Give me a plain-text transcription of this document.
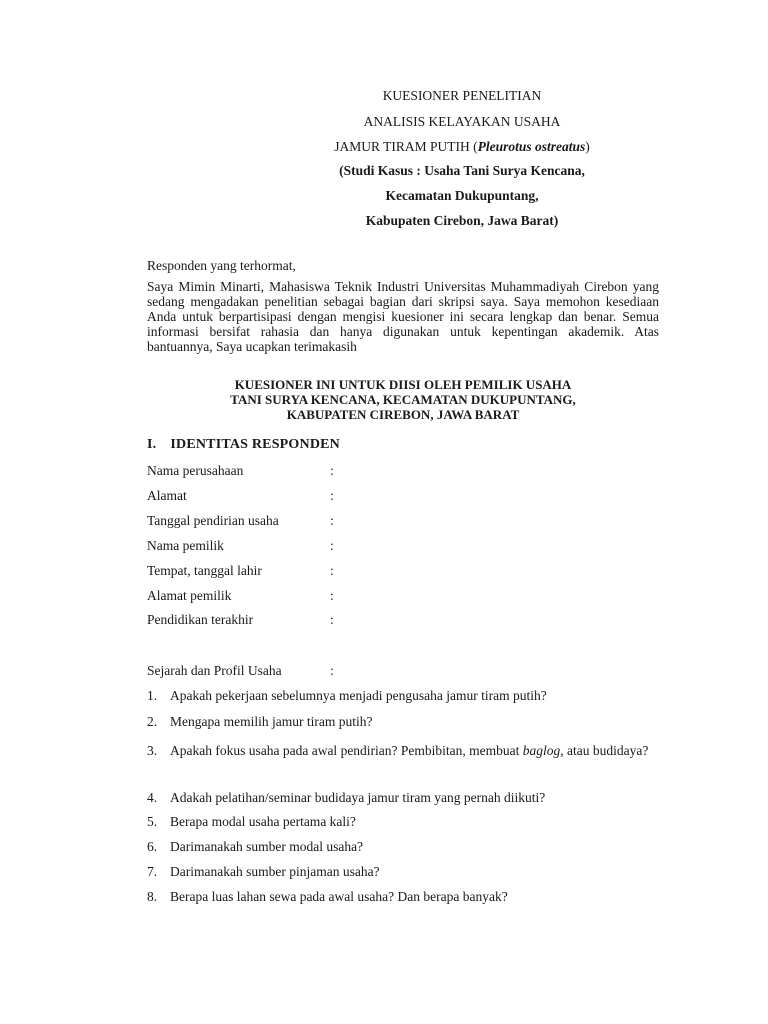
KUESIONER PENELITIAN
ANALISIS KELAYAKAN USAHA
JAMUR TIRAM PUTIH (Pleurotus ostreatus)
(Studi Kasus : Usaha Tani Surya Kencana,
Kecamatan Dukupuntang,
Kabupaten Cirebon, Jawa Barat)
Responden yang terhormat,
Saya Mimin Minarti, Mahasiswa Teknik Industri Universitas Muhammadiyah Cirebon yang sedang mengadakan penelitian sebagai bagian dari skripsi saya. Saya memohon kesediaan Anda untuk berpartisipasi dengan mengisi kuesioner ini secara lengkap dan benar. Semua informasi bersifat rahasia dan hanya digunakan untuk kepentingan akademik. Atas bantuannya, Saya ucapkan terimakasih
KUESIONER INI UNTUK DIISI OLEH PEMILIK USAHA
TANI SURYA KENCANA, KECAMATAN DUKUPUNTANG,
KABUPATEN CIREBON, JAWA BARAT
I. IDENTITAS RESPONDEN
Nama perusahaan	:
Alamat	:
Tanggal pendirian usaha	:
Nama pemilik	:
Tempat, tanggal lahir	:
Alamat pemilik	:
Pendidikan terakhir	:
Sejarah dan Profil Usaha	:
1. Apakah pekerjaan sebelumnya menjadi pengusaha jamur tiram putih?
2. Mengapa memilih jamur tiram putih?
3. Apakah fokus usaha pada awal pendirian? Pembibitan, membuat baglog, atau budidaya?
4. Adakah pelatihan/seminar budidaya jamur tiram yang pernah diikuti?
5. Berapa modal usaha pertama kali?
6. Darimanakah sumber modal usaha?
7. Darimanakah sumber pinjaman usaha?
8. Berapa luas lahan sewa pada awal usaha? Dan berapa banyak?
